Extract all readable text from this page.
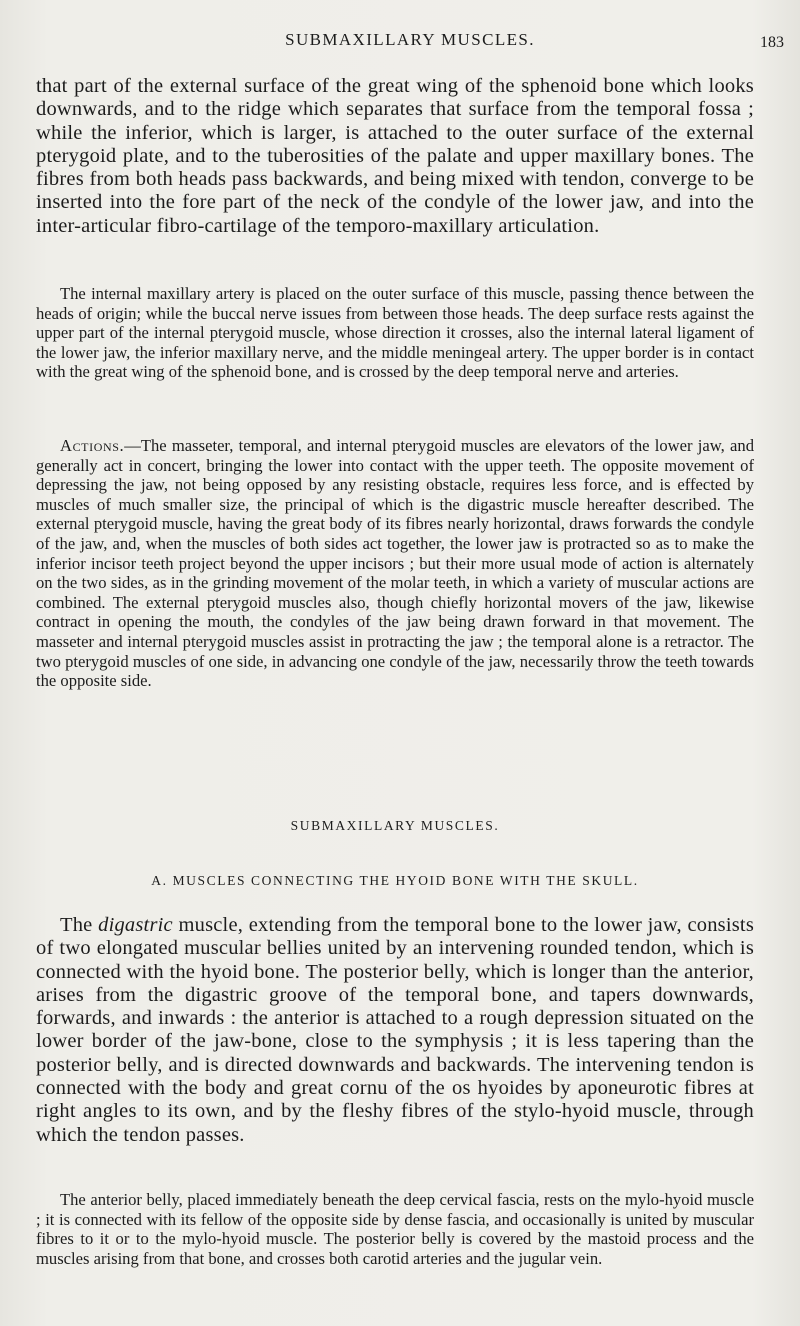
SUBMAXILLARY MUSCLES.	183

that part of the external surface of the great wing of the sphenoid bone which looks downwards, and to the ridge which separates that surface from the temporal fossa ; while the inferior, which is larger, is attached to the outer surface of the external pterygoid plate, and to the tuberosities of the palate and upper maxillary bones. The fibres from both heads pass backwards, and being mixed with tendon, converge to be inserted into the fore part of the neck of the condyle of the lower jaw, and into the inter-articular fibro-cartilage of the temporo-maxillary articulation.

The internal maxillary artery is placed on the outer surface of this muscle, passing thence between the heads of origin; while the buccal nerve issues from between those heads. The deep surface rests against the upper part of the internal pterygoid muscle, whose direction it crosses, also the internal lateral ligament of the lower jaw, the inferior maxillary nerve, and the middle meningeal artery. The upper border is in contact with the great wing of the sphenoid bone, and is crossed by the deep temporal nerve and arteries.

Actions.—The masseter, temporal, and internal pterygoid muscles are elevators of the lower jaw, and generally act in concert, bringing the lower into contact with the upper teeth. The opposite movement of depressing the jaw, not being opposed by any resisting obstacle, requires less force, and is effected by muscles of much smaller size, the principal of which is the digastric muscle hereafter described. The external pterygoid muscle, having the great body of its fibres nearly horizontal, draws forwards the condyle of the jaw, and, when the muscles of both sides act together, the lower jaw is protracted so as to make the inferior incisor teeth project beyond the upper incisors ; but their more usual mode of action is alternately on the two sides, as in the grinding movement of the molar teeth, in which a variety of muscular actions are combined. The external pterygoid muscles also, though chiefly horizontal movers of the jaw, likewise contract in opening the mouth, the condyles of the jaw being drawn forward in that movement. The masseter and internal pterygoid muscles assist in protracting the jaw ; the temporal alone is a retractor. The two pterygoid muscles of one side, in advancing one condyle of the jaw, necessarily throw the teeth towards the opposite side.

SUBMAXILLARY MUSCLES.
A. MUSCLES CONNECTING THE HYOID BONE WITH THE SKULL.

The digastric muscle, extending from the temporal bone to the lower jaw, consists of two elongated muscular bellies united by an intervening rounded tendon, which is connected with the hyoid bone. The posterior belly, which is longer than the anterior, arises from the digastric groove of the temporal bone, and tapers downwards, forwards, and inwards : the anterior is attached to a rough depression situated on the lower border of the jaw-bone, close to the symphysis ; it is less tapering than the posterior belly, and is directed downwards and backwards. The intervening tendon is connected with the body and great cornu of the os hyoides by aponeurotic fibres at right angles to its own, and by the fleshy fibres of the stylo-hyoid muscle, through which the tendon passes.

The anterior belly, placed immediately beneath the deep cervical fascia, rests on the mylo-hyoid muscle ; it is connected with its fellow of the opposite side by dense fascia, and occasionally is united by muscular fibres to it or to the mylo-hyoid muscle. The posterior belly is covered by the mastoid process and the muscles arising from that bone, and crosses both carotid arteries and the jugular vein.
